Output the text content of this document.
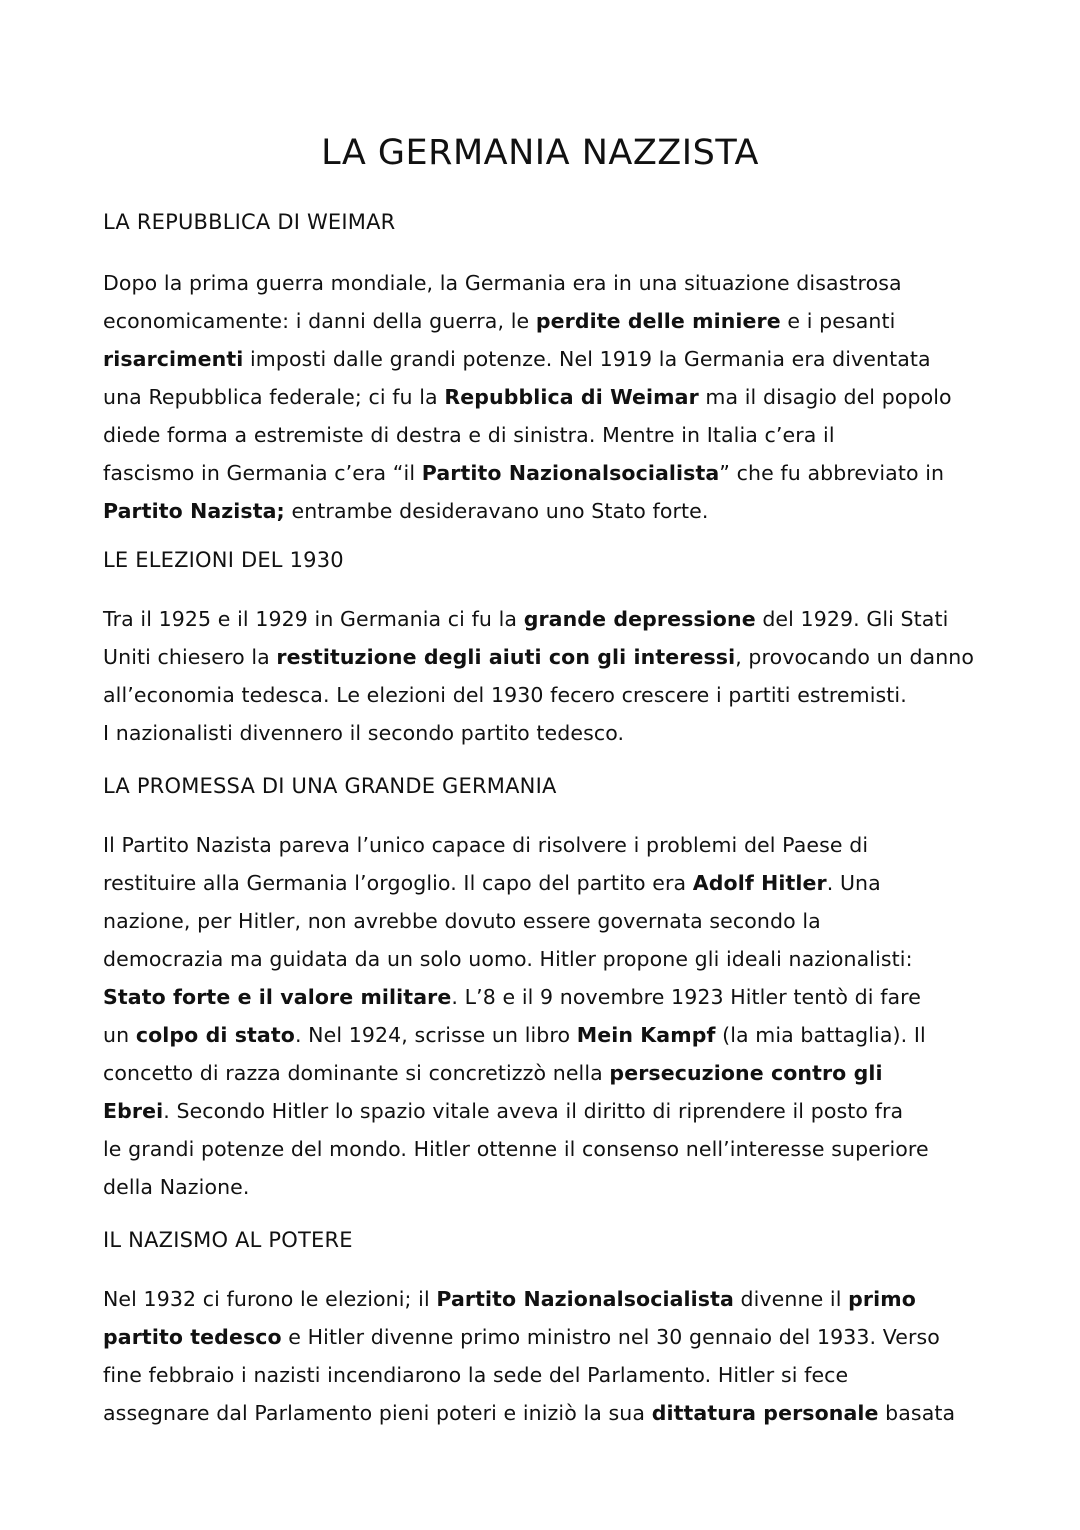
LA GERMANIA NAZZISTA
LA REPUBBLICA DI WEIMAR
Dopo la prima guerra mondiale, la Germania era in una situazione disastrosa
economicamente: i danni della guerra, le perdite delle miniere e i pesanti
risarcimenti imposti dalle grandi potenze. Nel 1919 la Germania era diventata
una Repubblica federale; ci fu la Repubblica di Weimar ma il disagio del popolo
diede forma a estremiste di destra e di sinistra. Mentre in Italia c’era il
fascismo in Germania c’era “il Partito Nazionalsocialista” che fu abbreviato in
Partito Nazista; entrambe desideravano uno Stato forte.
LE ELEZIONI DEL 1930
Tra il 1925 e il 1929 in Germania ci fu la grande depressione del 1929. Gli Stati
Uniti chiesero la restituzione degli aiuti con gli interessi, provocando un danno
all’economia tedesca. Le elezioni del 1930 fecero crescere i partiti estremisti.
I nazionalisti divennero il secondo partito tedesco.
LA PROMESSA DI UNA GRANDE GERMANIA
Il Partito Nazista pareva l’unico capace di risolvere i problemi del Paese di
restituire alla Germania l’orgoglio. Il capo del partito era Adolf Hitler. Una
nazione, per Hitler, non avrebbe dovuto essere governata secondo la
democrazia ma guidata da un solo uomo. Hitler propone gli ideali nazionalisti:
Stato forte e il valore militare. L’8 e il 9 novembre 1923 Hitler tentò di fare
un colpo di stato. Nel 1924, scrisse un libro Mein Kampf (la mia battaglia). Il
concetto di razza dominante si concretizzò nella persecuzione contro gli
Ebrei. Secondo Hitler lo spazio vitale aveva il diritto di riprendere il posto fra
le grandi potenze del mondo. Hitler ottenne il consenso nell’interesse superiore
della Nazione.
IL NAZISMO AL POTERE
Nel 1932 ci furono le elezioni; il Partito Nazionalsocialista divenne il primo
partito tedesco e Hitler divenne primo ministro nel 30 gennaio del 1933. Verso
fine febbraio i nazisti incendiarono la sede del Parlamento. Hitler si fece
assegnare dal Parlamento pieni poteri e iniziò la sua dittatura personale basata
